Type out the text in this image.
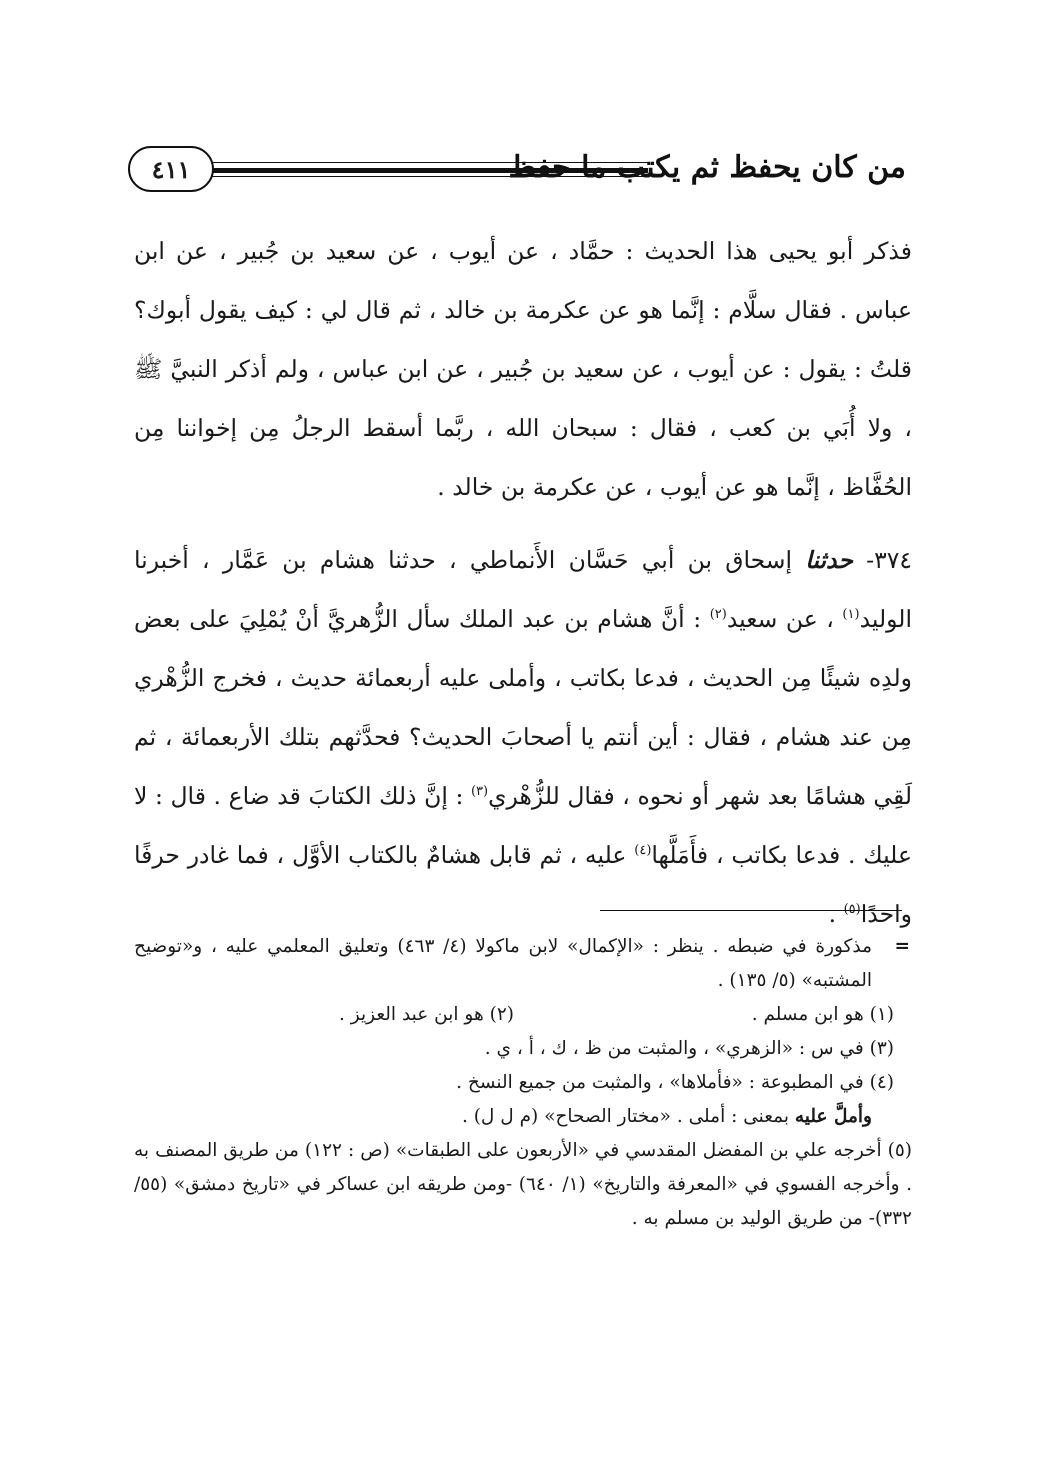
من كان يحفظ ثم يكتب ما حفظ
٤١١

فذكر أبو يحيى هذا الحديث : حمَّاد ، عن أيوب ، عن سعيد بن جُبير ، عن ابن عباس . فقال سلَّام : إنَّما هو عن عكرمة بن خالد ، ثم قال لي : كيف يقول أبوك؟ قلتُ : يقول : عن أيوب ، عن سعيد بن جُبير ، عن ابن عباس ، ولم أذكر النبيَّ ﷺ ، ولا أُبَي بن كعب ، فقال : سبحان الله ، ربَّما أسقط الرجلُ مِن إخواننا مِن الحُفَّاظ ، إنَّما هو عن أيوب ، عن عكرمة بن خالد .

٣٧٤- حدثنا إسحاق بن أبي حَسَّان الأَنماطي ، حدثنا هشام بن عَمَّار ، أخبرنا الوليد$^{(١)}$ ، عن سعيد$^{(٢)}$ : أنَّ هشام بن عبد الملك سأل الزُّهريَّ أنْ يُمْلِيَ على بعض ولدِه شيئًا مِن الحديث ، فدعا بكاتب ، وأملى عليه أربعمائة حديث ، فخرج الزُّهْري مِن عند هشام ، فقال : أين أنتم يا أصحابَ الحديث؟ فحدَّثهم بتلك الأربعمائة ، ثم لَقِي هشامًا بعد شهر أو نحوه ، فقال للزُّهْري$^{(٣)}$ : إنَّ ذلك الكتابَ قد ضاع . قال : لا عليك . فدعا بكاتب ، فأَمَلَّها$^{(٤)}$ عليه ، ثم قابل هشامٌ بالكتاب الأوَّل ، فما غادر حرفًا واحدًا$^{(٥)}$ .

=
مذكورة في ضبطه . ينظر : «الإكمال» لابن ماكولا (٤/ ٤٦٣) وتعليق المعلمي عليه ، و«توضيح المشتبه» (٥/ ١٣٥) .

(١) هو ابن مسلم .
(٢) هو ابن عبد العزيز .

(٣) في س : «الزهري» ، والمثبت من ظ ، ك ، أ ، ي .

(٤) في المطبوعة : «فأملاها» ، والمثبت من جميع النسخ .

وأملَّ عليه بمعنى : أملى . «مختار الصحاح» (م ل ل) .

(٥) أخرجه علي بن المفضل المقدسي في «الأربعون على الطبقات» (ص : ١٢٢) من طريق المصنف به . وأخرجه الفسوي في «المعرفة والتاريخ» (١/ ٦٤٠) -ومن طريقه ابن عساكر في «تاريخ دمشق» (٥٥/ ٣٣٢)- من طريق الوليد بن مسلم به .
